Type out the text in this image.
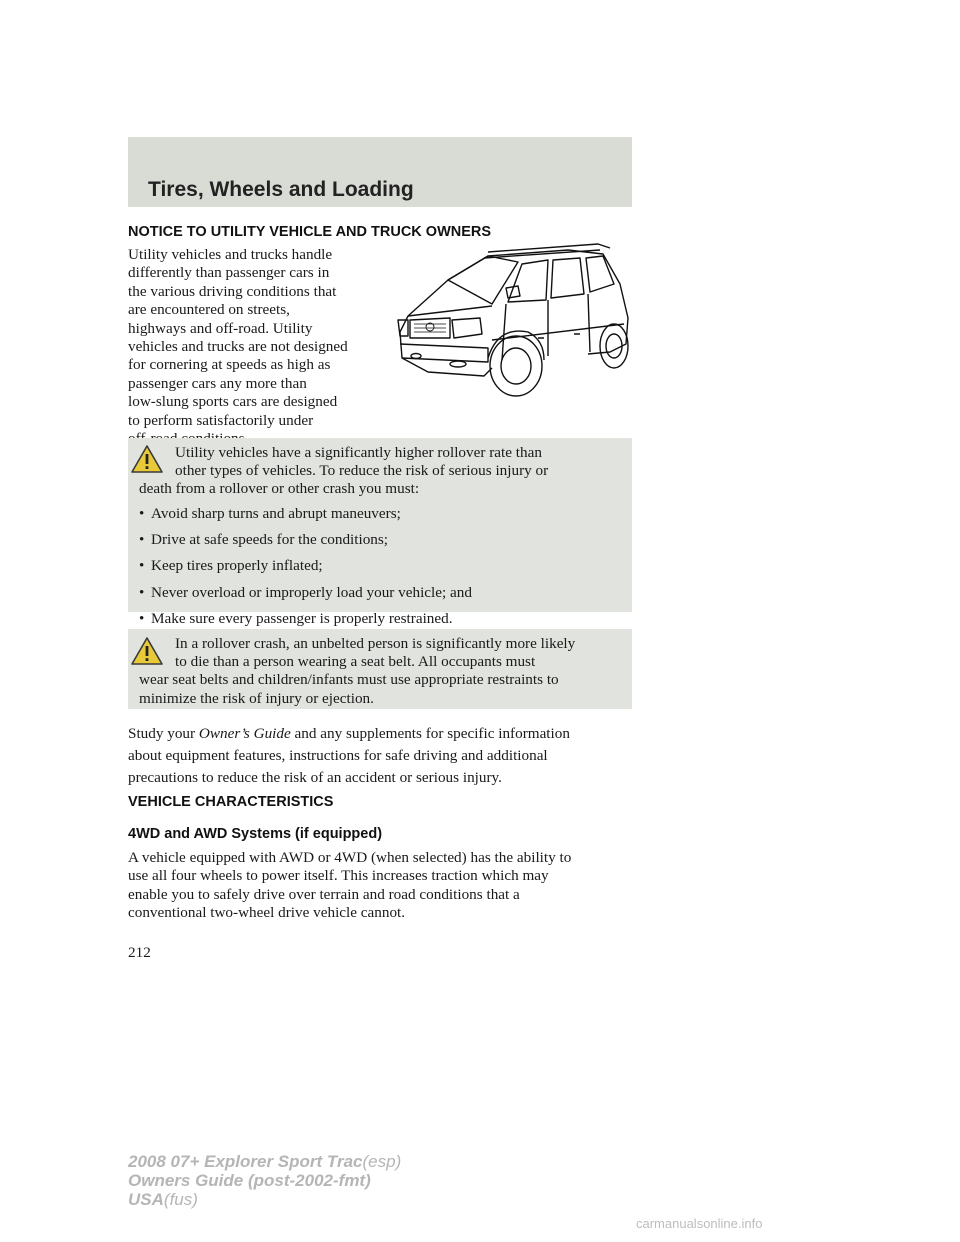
Tires, Wheels and Loading
NOTICE TO UTILITY VEHICLE AND TRUCK OWNERS
Utility vehicles and trucks handle
differently than passenger cars in
the various driving conditions that
are encountered on streets,
highways and off-road. Utility
vehicles and trucks are not designed
for cornering at speeds as high as
passenger cars any more than
low-slung sports cars are designed
to perform satisfactorily under
Utility vehicles have a significantly higher rollover rate than
other types of vehicles. To reduce the risk of serious injury or
death from a rollover or other crash you must:
• Avoid sharp turns and abrupt maneuvers;
• Drive at safe speeds for the conditions;
• Keep tires properly inflated;
• Never overload or improperly load your vehicle; and
• Make sure every passenger is properly restrained.
In a rollover crash, an unbelted person is significantly more likely
to die than a person wearing a seat belt. All occupants must
wear seat belts and children/infants must use appropriate restraints to
minimize the risk of injury or ejection.
Study your Owner’s Guide and any supplements for specific information
about equipment features, instructions for safe driving and additional
precautions to reduce the risk of an accident or serious injury.
VEHICLE CHARACTERISTICS
4WD and AWD Systems (if equipped)
A vehicle equipped with AWD or 4WD (when selected) has the ability to
use all four wheels to power itself. This increases traction which may
enable you to safely drive over terrain and road conditions that a
conventional two-wheel drive vehicle cannot.
212
2008 07+ Explorer Sport Trac(esp)
Owners Guide (post-2002-fmt)
USA(fus)
carmanualsonline.info
